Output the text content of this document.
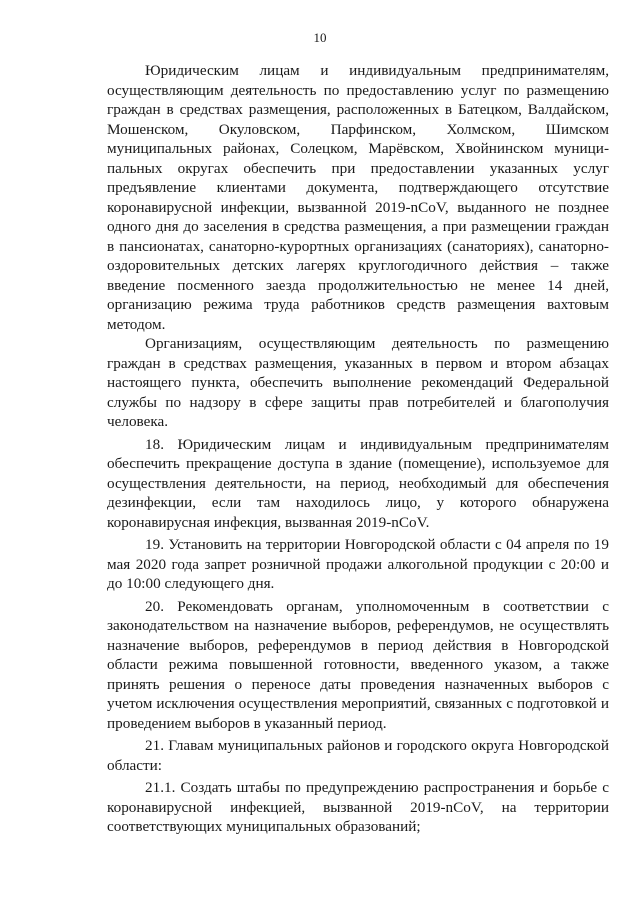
10

Юридическим лицам и индивидуальным предпринимателям, осуществляющим деятельность по предоставлению услуг по размещению граждан в средствах размещения, расположенных в Батецком, Валдайском, Мошенском, Окуловском, Парфинском, Холмском, Шимском муниципальных районах, Солецком, Марёвском, Хвойнинском муниципальных округах обеспечить при предоставлении указанных услуг предъявление клиентами документа, подтверждающего отсутствие коронавирусной инфекции, вызванной 2019-nCoV, выданного не позднее одного дня до заселения в средства размещения, а при размещении граждан в пансионатах, санаторно-курортных организациях (санаториях), санаторно-оздоровительных детских лагерях круглогодичного действия – также введение посменного заезда продолжительностью не менее 14 дней, организацию режима труда работников средств размещения вахтовым методом.

Организациям, осуществляющим деятельность по размещению граждан в средствах размещения, указанных в первом и втором абзацах настоящего пункта, обеспечить выполнение рекомендаций Федеральной службы по надзору в сфере защиты прав потребителей и благополучия человека.

18. Юридическим лицам и индивидуальным предпринимателям обеспечить прекращение доступа в здание (помещение), используемое для осуществления деятельности, на период, необходимый для обеспечения дезинфекции, если там находилось лицо, у которого обнаружена коронавирусная инфекция, вызванная 2019-nCoV.

19. Установить на территории Новгородской области с 04 апреля по 19 мая 2020 года запрет розничной продажи алкогольной продукции с 20:00 и до 10:00 следующего дня.

20. Рекомендовать органам, уполномоченным в соответствии с законодательством на назначение выборов, референдумов, не осуществлять назначение выборов, референдумов в период действия в Новгородской области режима повышенной готовности, введенного указом, а также принять решения о переносе даты проведения назначенных выборов с учетом исключения осуществления мероприятий, связанных с подготовкой и проведением выборов в указанный период.

21. Главам муниципальных районов и городского округа Новгородской области:

21.1. Создать штабы по предупреждению распространения и борьбе с коронавирусной инфекцией, вызванной 2019-nCoV, на территории соответствующих муниципальных образований;
